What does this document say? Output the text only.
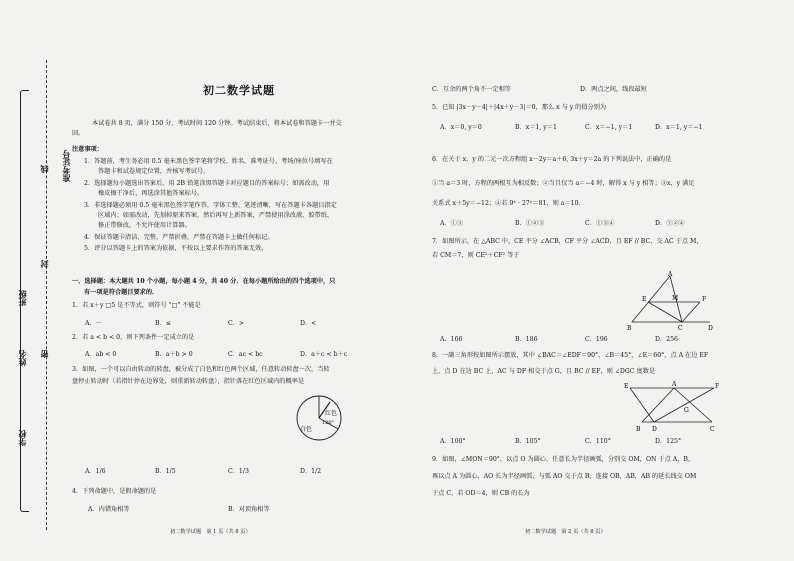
学校
姓名
班级
准考证号
密
封
线
初二数学试题
本试卷共 8 页，满分 150 分，考试时间 120 分钟。考试结束后，将本试卷和答题卡一并交
回。
注意事项：
1．答题前，考生务必用 0.5 毫米黑色签字笔将学校、姓名、准考证号、考场/座位号填写在
答题卡和试卷规定位置，并核写考试号。
2．选择题每小题选出答案后，用 2B 铅笔涂黑答题卡对应题目的答案标号；如需改动，用
橡皮擦干净后，再选涂其他答案标号。
3．非选择题必须用 0.5 毫米黑色签字笔作答，字体工整、笔迹清晰，写在答题卡各题目指定
区域内；如需改动，先划掉原来答案，然后再写上新答案，严禁使用涂改液、胶带纸、
修正带修改，不允许使用计算器。
4．保证答题卡清洁、完整，严禁折叠，严禁在答题卡上做任何标记。
5．评分以答题卡上的答案为依据，不按以上要求作答的答案无效。
一、选择题：本大题共 10 个小题，每小题 4 分，共 40 分．在每小题所给出的四个选项中，只
有一项是符合题目要求的．
1．若 x＋y □5 是不等式，则符号 "□" 不能是
A．－	B．≤	C．>	D．<
2．若 a < b < 0，则下列条件一定成立的是
A．ab < 0	B．a＋b > 0	C．ac < bc	D．a＋c < b＋c
3．如图，一个可以自由转动的转盘，被分成了白色和红色两个区域，任意转动转盘一次，当转
盘停止转动时（若指针停在边界处，则重新转动转盘），指针落在红色区域内的概率是
红色
白色
120°
A．1/6	B．1/5	C．1/3	D．1/2
4．下列命题中，是假命题的是
A．内错角相等	B．对顶角相等
初二数学试题　第 1 页（共 8 页）
C．互余的两个角不一定相等	D．两点之间，线段最短
5．已知 |3x－y－4|＋|4x＋y－3|＝0，那么 x 与 y 的值分别为
A．x＝0, y＝0	B．x＝1, y＝1	C．x＝−1, y＝1	D．x＝1, y＝−1
6．在关于 x，y 的二元一次方程组 x－2y＝a＋6, 3x＋y＝2a 的下列说法中，正确的是
①当 a＝3 时，方程的两根互为相反数；②当且仅当 a＝−4 时，解得 x 与 y 相等；③x，y 满足
关系式 x＋5y＝−12；④若 9ˣ · 27ʸ＝81，则 a＝10．
A．①③	B．①②③	C．①③④	D．①②④
7．如图所示，在 △ABC 中，CE 平分 ∠ACB，CF 平分 ∠ACD，且 EF // BC，交 AC 于点 M，
若 CM＝7，则 CE²＋CF² 等于
A
E	M	F
B	C	D
A．166	B．186	C．196	D．256
8．一副三角形按如图所示摆放，其中 ∠BAC＝∠EDF＝90°，∠B＝45°，∠E＝60°，点 A 在边 EF
上，点 D 在边 BC 上，AC 与 DF 相交于点 G，且 BC // EF，则 ∠DGC 度数是
E	A	F
G
B D	C
A．100°	B．105°	C．110°	D．125°
9．如图，∠MON＝90°，以点 O 为圆心，任意长为半径画弧，分别交 OM，ON 于点 A，B，
再以点 A 为圆心，AO 长为半径画弧，与弧 AO 交于点 B，连接 OB，AB，AB 的延长线交 OM
于点 C，若 OD＝4，则 CB 的长为
初二数学试题　第 2 页（共 8 页）
